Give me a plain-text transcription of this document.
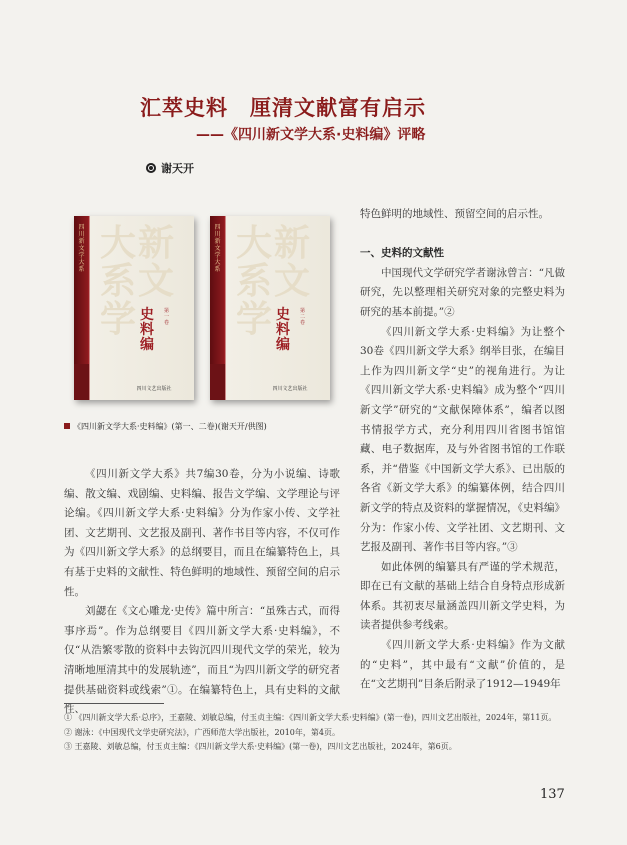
汇萃史料　厘清文献富有启示
——《四川新文学大系·史料编》评略
谢天开
四川新文学大系
大新系文学 史料编
第一卷
四川文艺出版社
四川新文学大系
大新系文学 史料编
第二卷
四川文艺出版社
《四川新文学大系·史料编》(第一、二卷)(谢天开/供图)

《四川新文学大系》共7编30卷，分为小说编、诗歌编、散文编、戏剧编、史料编、报告文学编、文学理论与评论编。《四川新文学大系·史料编》分为作家小传、文学社团、文艺期刊、文艺报及副刊、著作书目等内容，不仅可作为《四川新文学大系》的总纲要目，而且在编纂特色上，具有基于史料的文献性、特色鲜明的地域性、预留空间的启示性。

刘勰在《文心雕龙·史传》篇中所言：“虽殊古式，而得事序焉”。作为总纲要目《四川新文学大系·史料编》，不仅“从浩繁零散的资料中去钩沉四川现代文学的荣光，较为清晰地厘清其中的发展轨迹”，而且“为四川新文学的研究者提供基础资料或线索”①。在编纂特色上，具有史料的文献性、

特色鲜明的地域性、预留空间的启示性。

一、史料的文献性

中国现代文学研究学者谢泳曾言：“凡做研究，先以整理相关研究对象的完整史料为研究的基本前提。”②

《四川新文学大系·史料编》为让整个30卷《四川新文学大系》纲举目张，在编目上作为四川新文学“史”的视角进行。为让《四川新文学大系·史料编》成为整个“四川新文学”研究的“文献保障体系”，编者以图书情报学方式，充分利用四川省图书馆馆藏、电子数据库，及与外省图书馆的工作联系，并“借鉴《中国新文学大系》、已出版的各省《新文学大系》的编纂体例，结合四川新文学的特点及资料的掌握情况，《史料编》分为：作家小传、文学社团、文艺期刊、文艺报及副刊、著作书目等内容。”③

如此体例的编纂具有严谨的学术规范，即在已有文献的基础上结合自身特点形成新体系。其初衷尽量涵盖四川新文学史料，为读者提供参考线索。

《四川新文学大系·史料编》作为文献的“史料”，其中最有“文献”价值的，是在“文艺期刊”目条后附录了1912—1949年

① 《四川新文学大系·总序》，王嘉陵、刘敏总编，付玉贞主编：《四川新文学大系·史料编》(第一卷)，四川文艺出版社，2024年，第11页。

② 谢泳：《中国现代文学史研究法》，广西师范大学出版社，2010年，第4页。

③ 王嘉陵、刘敏总编，付玉贞主编：《四川新文学大系·史料编》(第一卷)，四川文艺出版社，2024年，第6页。

137
